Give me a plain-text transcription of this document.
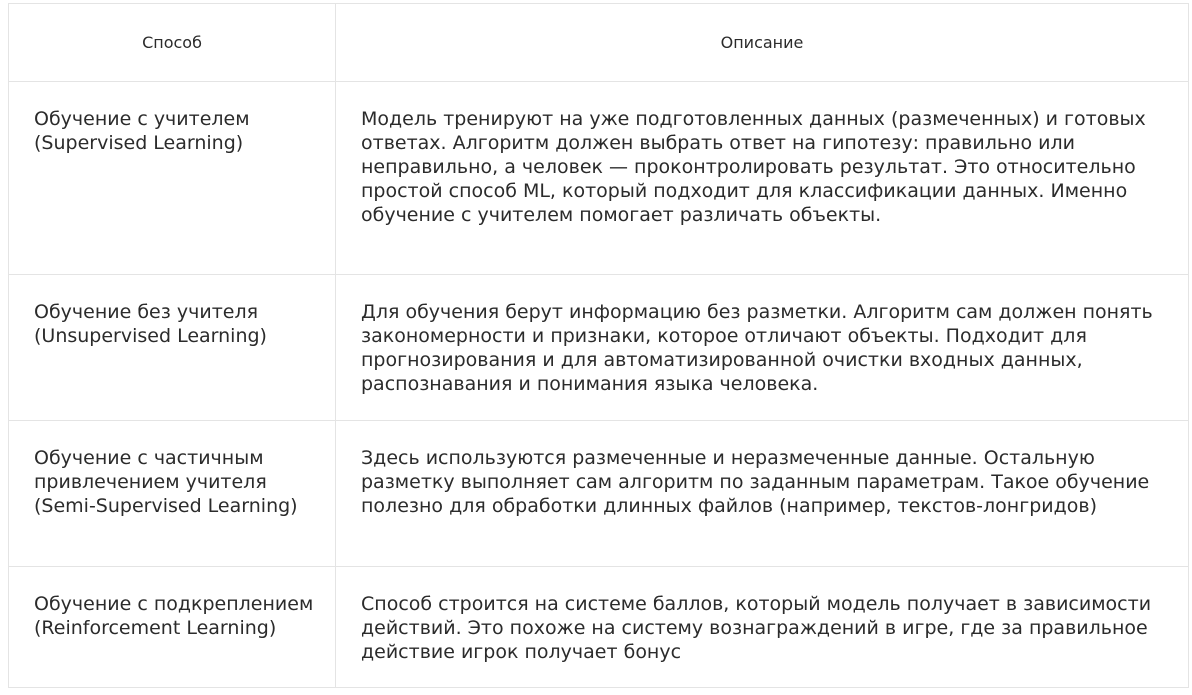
Способ	Описание

Обучение с учителем (Supervised Learning)	Модель тренируют на уже подготовленных данных (размеченных) и готовых ответах. Алгоритм должен выбрать ответ на гипотезу: правильно или неправильно, а человек — проконтролировать результат. Это относительно простой способ ML, который подходит для классификации данных. Именно обучение с учителем помогает различать объекты.

Обучение без учителя (Unsupervised Learning)	Для обучения берут информацию без разметки. Алгоритм сам должен понять закономерности и признаки, которое отличают объекты. Подходит для прогнозирования и для автоматизированной очистки входных данных, распознавания и понимания языка человека.

Обучение с частичным привлечением учителя (Semi-Supervised Learning)	Здесь используются размеченные и неразмеченные данные. Остальную разметку выполняет сам алгоритм по заданным параметрам. Такое обучение полезно для обработки длинных файлов (например, текстов-лонгридов)

Обучение с подкреплением (Reinforcement Learning)	Способ строится на системе баллов, который модель получает в зависимости действий. Это похоже на систему вознаграждений в игре, где за правильное действие игрок получает бонус
